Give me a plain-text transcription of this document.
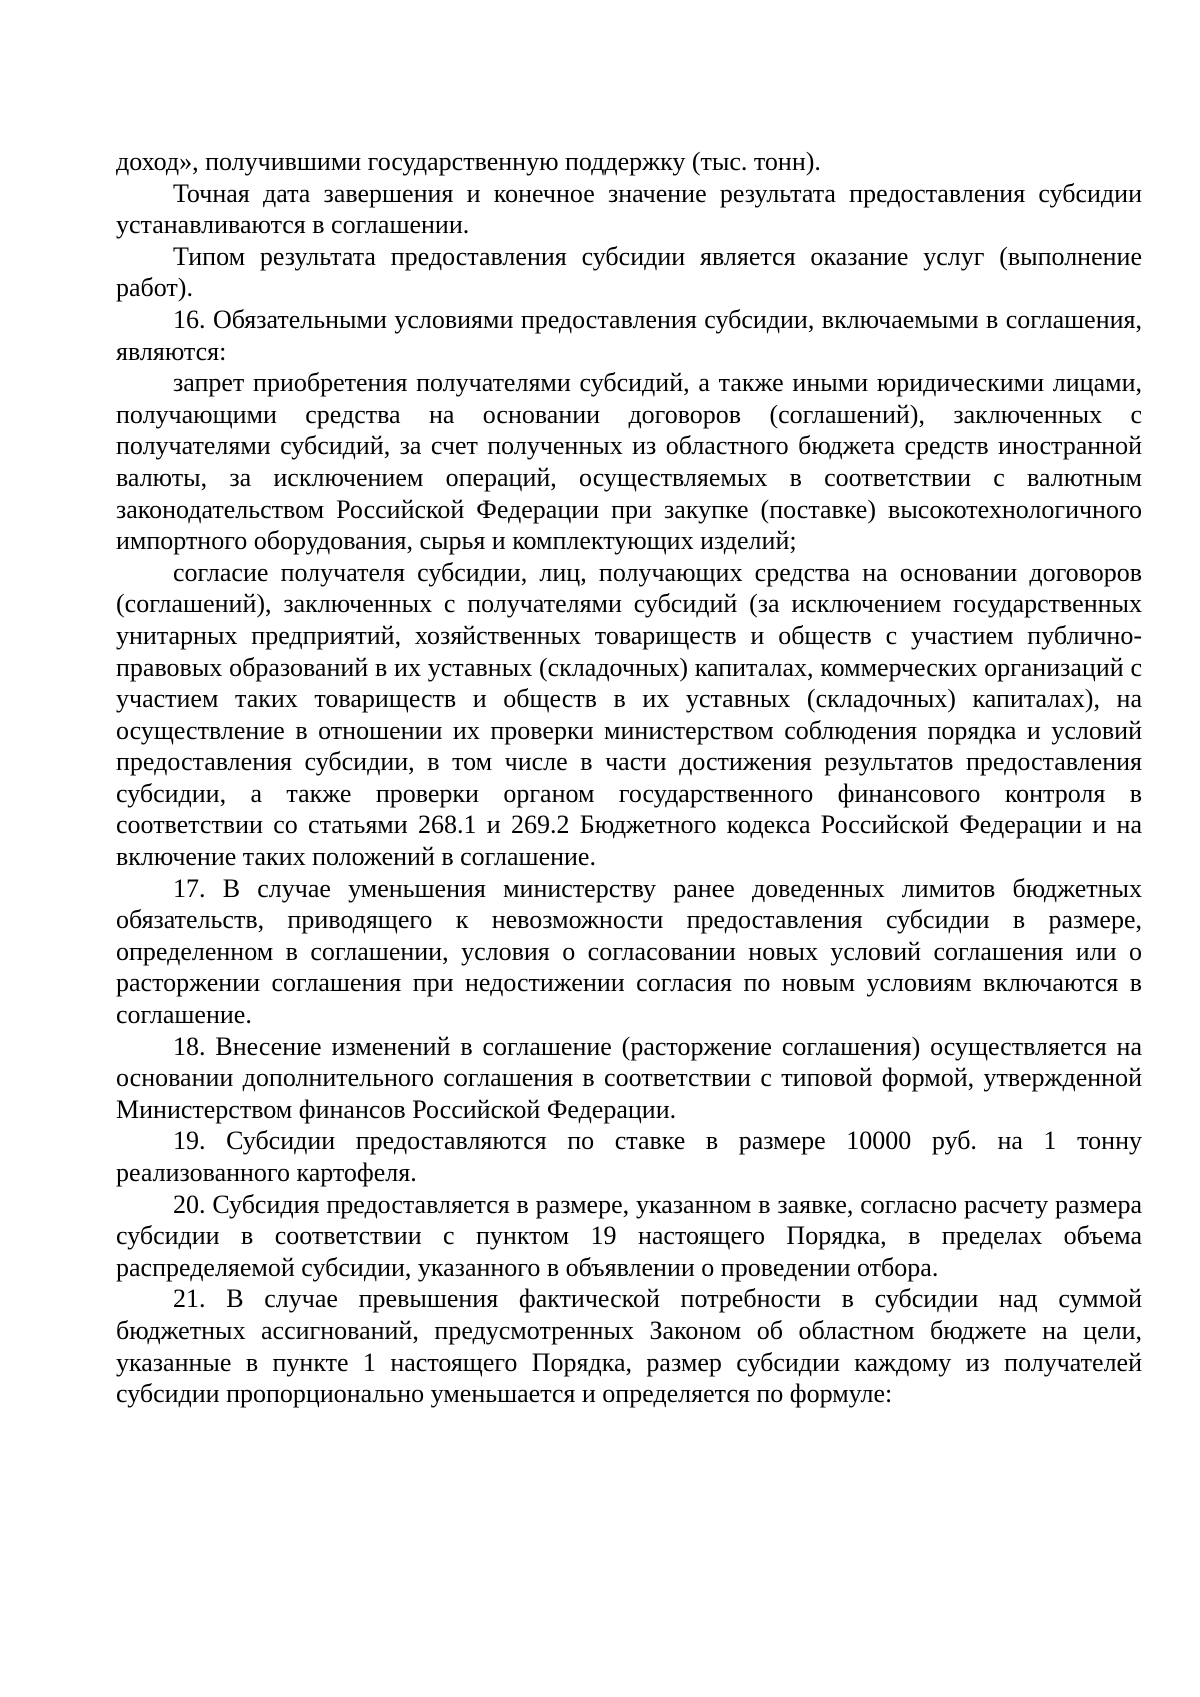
доход», получившими государственную поддержку (тыс. тонн).

Точная дата завершения и конечное значение результата предоставления субсидии устанавливаются в соглашении.

Типом результата предоставления субсидии является оказание услуг (выполнение работ).

16. Обязательными условиями предоставления субсидии, включаемыми в соглашения, являются:

запрет приобретения получателями субсидий, а также иными юридическими лицами, получающими средства на основании договоров (соглашений), заключенных с получателями субсидий, за счет полученных из областного бюджета средств иностранной валюты, за исключением операций, осуществляемых в соответствии с валютным законодательством Российской Федерации при закупке (поставке) высокотехнологичного импортного оборудования, сырья и комплектующих изделий;

согласие получателя субсидии, лиц, получающих средства на основании договоров (соглашений), заключенных с получателями субсидий (за исключением государственных унитарных предприятий, хозяйственных товариществ и обществ с участием публично-правовых образований в их уставных (складочных) капиталах, коммерческих организаций с участием таких товариществ и обществ в их уставных (складочных) капиталах), на осуществление в отношении их проверки министерством соблюдения порядка и условий предоставления субсидии, в том числе в части достижения результатов предоставления субсидии, а также проверки органом государственного финансового контроля в соответствии со статьями 268.1 и 269.2 Бюджетного кодекса Российской Федерации и на включение таких положений в соглашение.

17. В случае уменьшения министерству ранее доведенных лимитов бюджетных обязательств, приводящего к невозможности предоставления субсидии в размере, определенном в соглашении, условия о согласовании новых условий соглашения или о расторжении соглашения при недостижении согласия по новым условиям включаются в соглашение.

18. Внесение изменений в соглашение (расторжение соглашения) осуществляется на основании дополнительного соглашения в соответствии с типовой формой, утвержденной Министерством финансов Российской Федерации.

19. Субсидии предоставляются по ставке в размере 10000 руб. на 1 тонну реализованного картофеля.

20. Субсидия предоставляется в размере, указанном в заявке, согласно расчету размера субсидии в соответствии с пунктом 19 настоящего Порядка, в пределах объема распределяемой субсидии, указанного в объявлении о проведении отбора.

21. В случае превышения фактической потребности в субсидии над суммой бюджетных ассигнований, предусмотренных Законом об областном бюджете на цели, указанные в пункте 1 настоящего Порядка, размер субсидии каждому из получателей субсидии пропорционально уменьшается и определяется по формуле:
